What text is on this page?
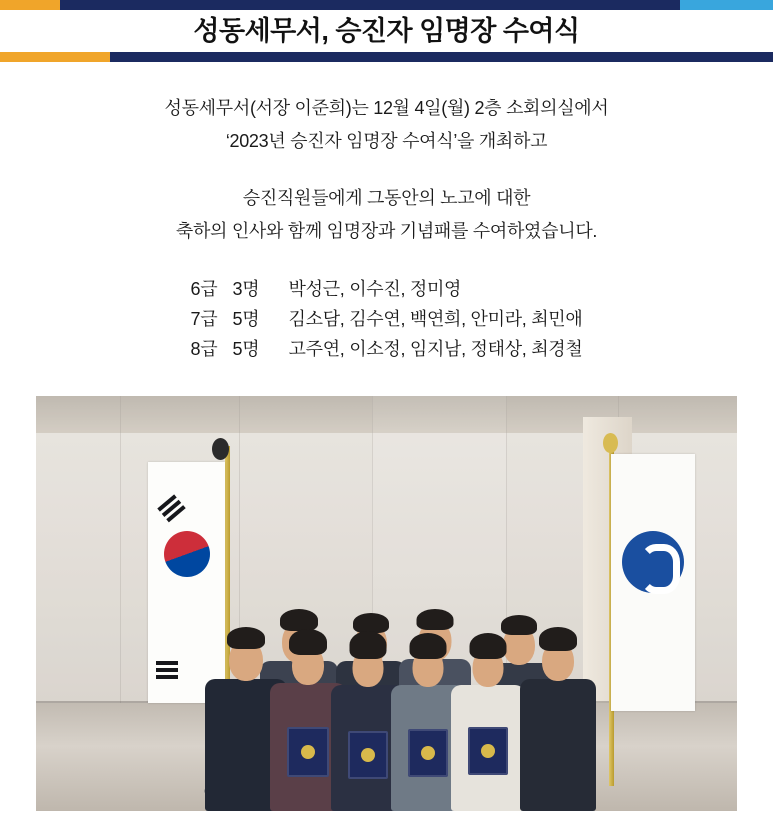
성동세무서, 승진자 임명장 수여식
성동세무서(서장 이준희)는 12월 4일(월) 2층 소회의실에서
‘2023년 승진자 임명장 수여식’을 개최하고
승진직원들에게 그동안의 노고에 대한
축하의 인사와 함께 임명장과 기념패를 수여하였습니다.
6급 3명	박성근, 이수진, 정미영
7급 5명	김소담, 김수연, 백연희, 안미라, 최민애
8급 5명	고주연, 이소정, 임지남, 정태상, 최경철
